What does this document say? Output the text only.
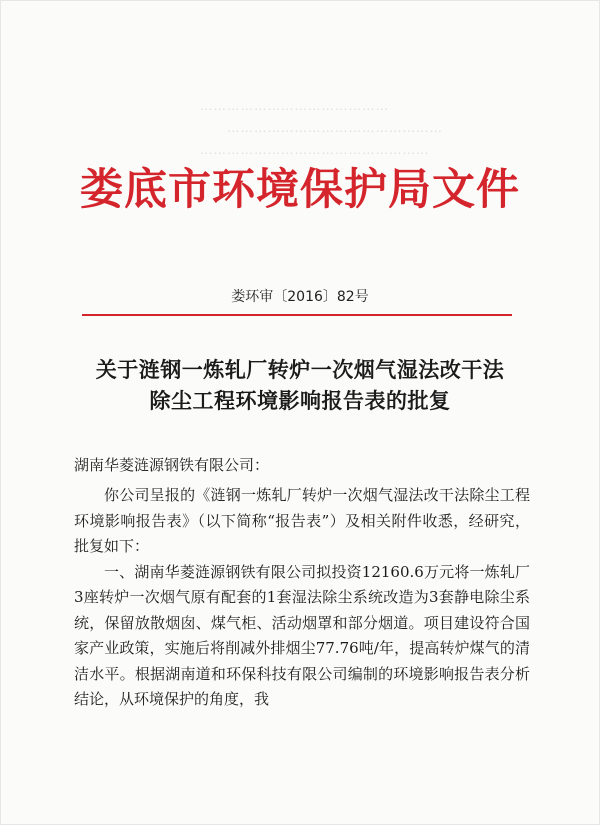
……………………………………
　　…………………………………………
……………………………………………
娄底市环境保护局文件
娄环审〔2016〕82号
关于涟钢一炼轧厂转炉一次烟气湿法改干法
除尘工程环境影响报告表的批复
湖南华菱涟源钢铁有限公司：

你公司呈报的《涟钢一炼轧厂转炉一次烟气湿法改干法除尘工程环境影响报告表》（以下简称“报告表”）及相关附件收悉，经研究，批复如下：

一、湖南华菱涟源钢铁有限公司拟投资12160.6万元将一炼轧厂3座转炉一次烟气原有配套的1套湿法除尘系统改造为3套静电除尘系统，保留放散烟囱、煤气柜、活动烟罩和部分烟道。项目建设符合国家产业政策，实施后将削减外排烟尘77.76吨/年，提高转炉煤气的清洁水平。根据湖南道和环保科技有限公司编制的环境影响报告表分析结论，从环境保护的角度，我
